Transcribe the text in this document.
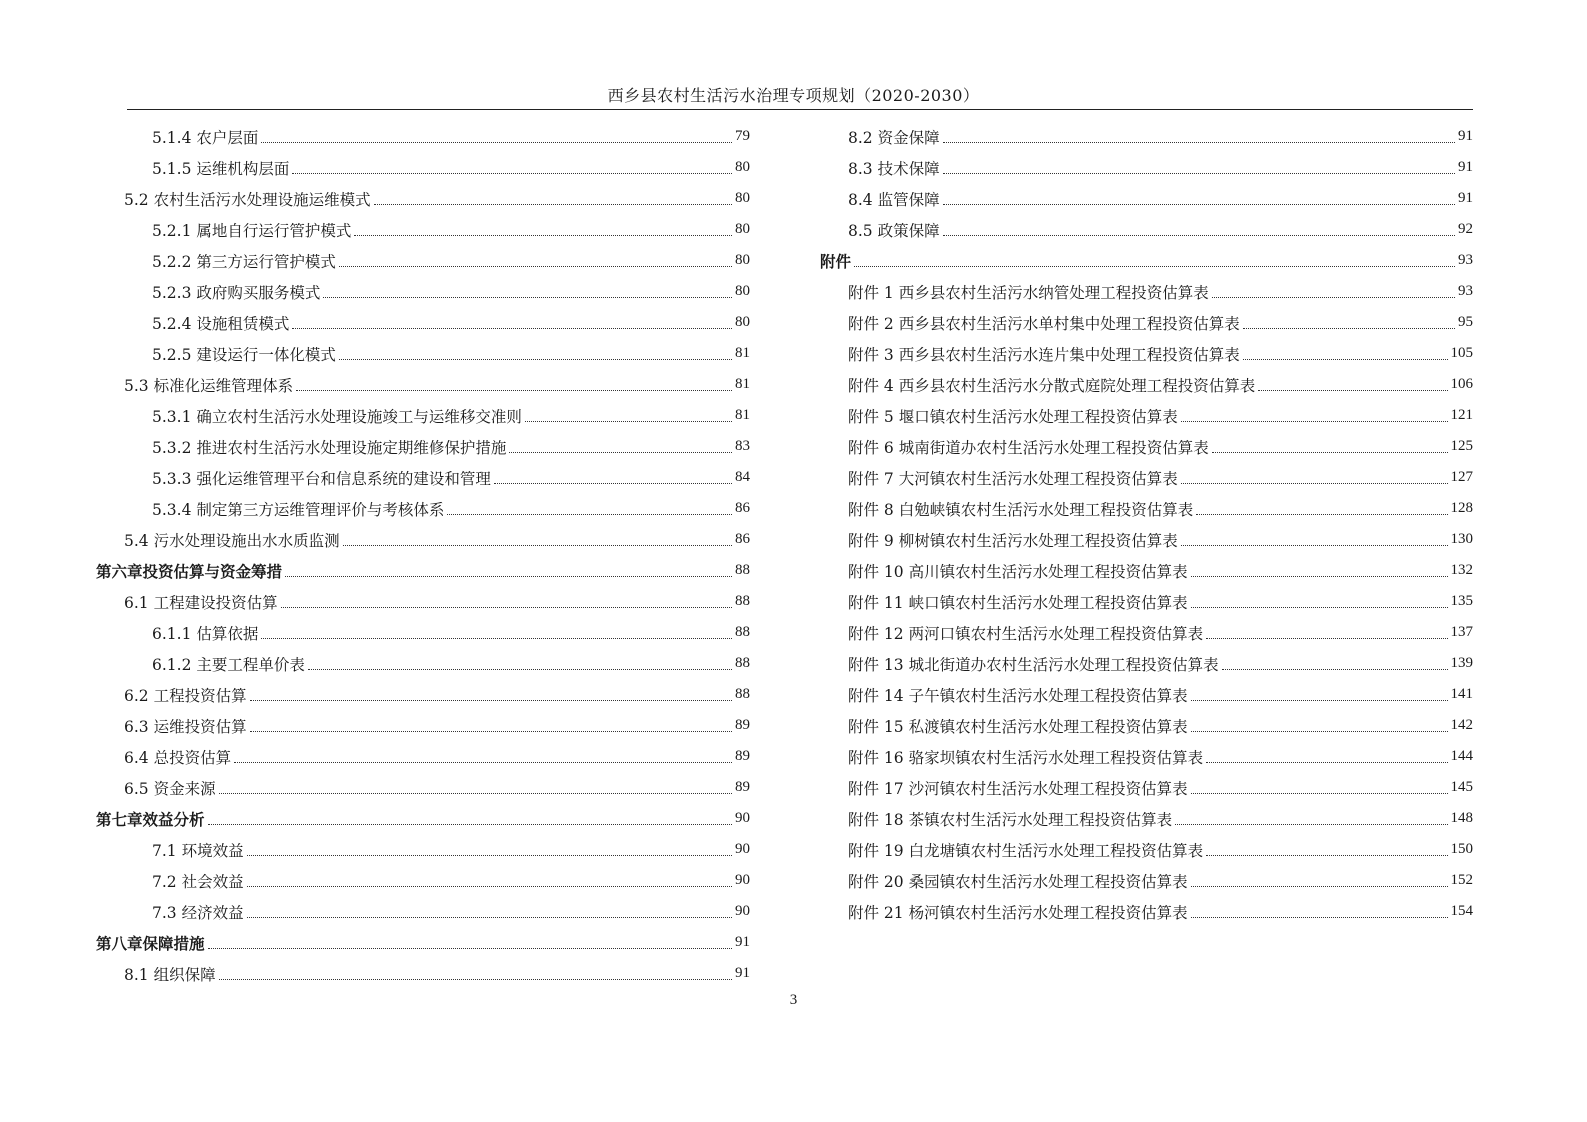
西乡县农村生活污水治理专项规划（2020-2030）
5.1.4 农户层面	79
5.1.5 运维机构层面	80
5.2 农村生活污水处理设施运维模式	80
5.2.1 属地自行运行管护模式	80
5.2.2 第三方运行管护模式	80
5.2.3 政府购买服务模式	80
5.2.4 设施租赁模式	80
5.2.5 建设运行一体化模式	81
5.3 标准化运维管理体系	81
5.3.1 确立农村生活污水处理设施竣工与运维移交准则	81
5.3.2 推进农村生活污水处理设施定期维修保护措施	83
5.3.3 强化运维管理平台和信息系统的建设和管理	84
5.3.4 制定第三方运维管理评价与考核体系	86
5.4 污水处理设施出水水质监测	86
第六章投资估算与资金筹措	88
6.1 工程建设投资估算	88
6.1.1 估算依据	88
6.1.2 主要工程单价表	88
6.2 工程投资估算	88
6.3 运维投资估算	89
6.4 总投资估算	89
6.5 资金来源	89
第七章效益分析	90
7.1 环境效益	90
7.2 社会效益	90
7.3 经济效益	90
第八章保障措施	91
8.1 组织保障	91
8.2 资金保障	91
8.3 技术保障	91
8.4 监管保障	91
8.5 政策保障	92
附件	93
附件 1 西乡县农村生活污水纳管处理工程投资估算表	93
附件 2 西乡县农村生活污水单村集中处理工程投资估算表	95
附件 3 西乡县农村生活污水连片集中处理工程投资估算表	105
附件 4 西乡县农村生活污水分散式庭院处理工程投资估算表	106
附件 5 堰口镇农村生活污水处理工程投资估算表	121
附件 6 城南街道办农村生活污水处理工程投资估算表	125
附件 7 大河镇农村生活污水处理工程投资估算表	127
附件 8 白勉峡镇农村生活污水处理工程投资估算表	128
附件 9 柳树镇农村生活污水处理工程投资估算表	130
附件 10 高川镇农村生活污水处理工程投资估算表	132
附件 11 峡口镇农村生活污水处理工程投资估算表	135
附件 12 两河口镇农村生活污水处理工程投资估算表	137
附件 13 城北街道办农村生活污水处理工程投资估算表	139
附件 14 子午镇农村生活污水处理工程投资估算表	141
附件 15 私渡镇农村生活污水处理工程投资估算表	142
附件 16 骆家坝镇农村生活污水处理工程投资估算表	144
附件 17 沙河镇农村生活污水处理工程投资估算表	145
附件 18 茶镇农村生活污水处理工程投资估算表	148
附件 19 白龙塘镇农村生活污水处理工程投资估算表	150
附件 20 桑园镇农村生活污水处理工程投资估算表	152
附件 21 杨河镇农村生活污水处理工程投资估算表	154
3
